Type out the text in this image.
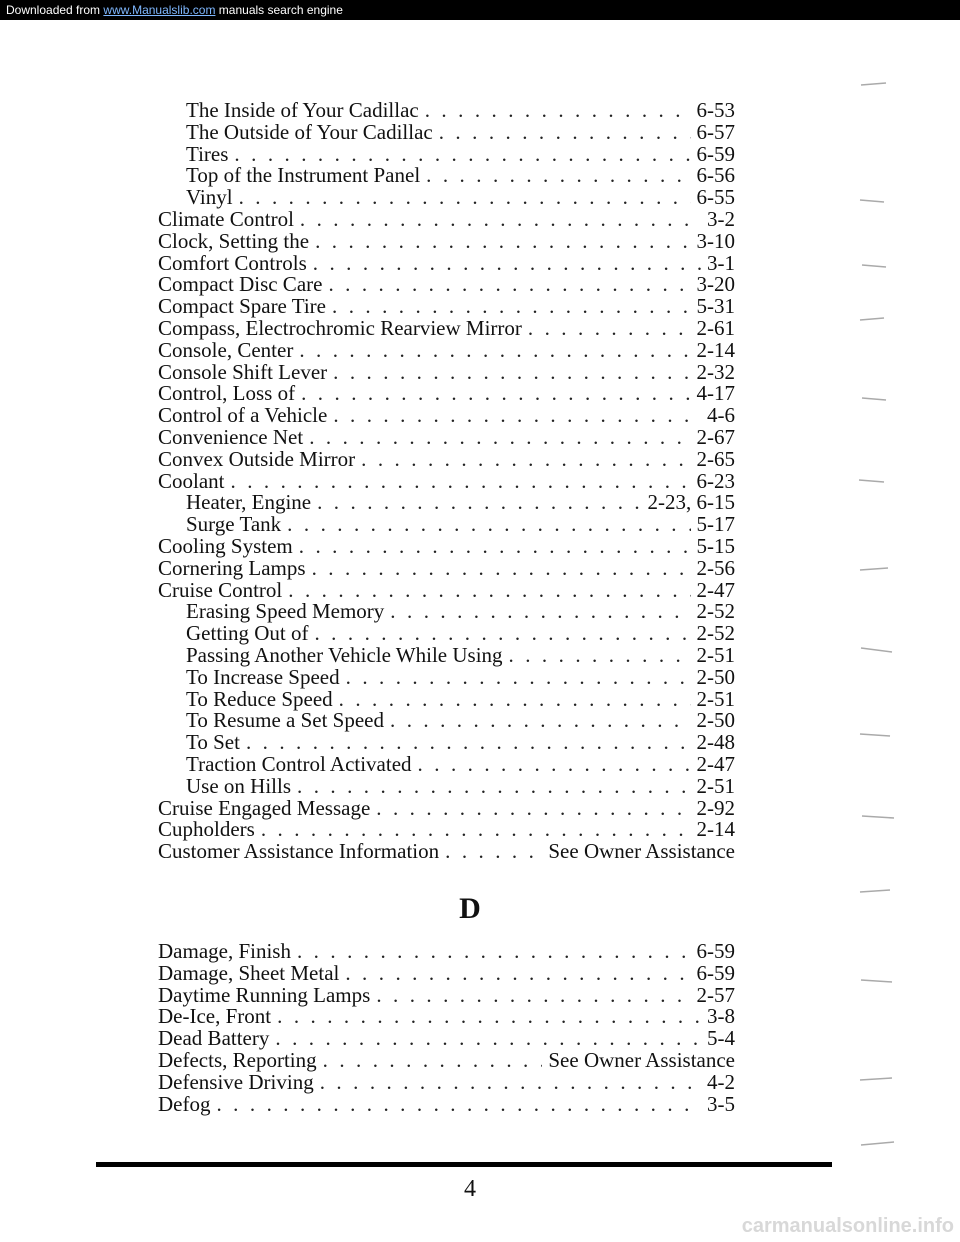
Downloaded from www.Manualslib.com manuals search engine
The Inside of Your Cadillac . . .	6-53
The Outside of Your Cadillac . . .	6-57
Tires . . .	6-59
Top of the Instrument Panel . . .	6-56
Vinyl . . .	6-55
Climate Control . . .	3-2
Clock, Setting the . . .	3-10
Comfort Controls . . .	3-1
Compact Disc Care . . .	3-20
Compact Spare Tire . . .	5-31
Compass, Electrochromic Rearview Mirror . . .	2-61
Console, Center . . .	2-14
Console Shift Lever . . .	2-32
Control, Loss of . . .	4-17
Control of a Vehicle . . .	4-6
Convenience Net . . .	2-67
Convex Outside Mirror . . .	2-65
Coolant . . .	6-23
Heater, Engine . . .	2-23, 6-15
Surge Tank . . .	5-17
Cooling System . . .	5-15
Cornering Lamps . . .	2-56
Cruise Control . . .	2-47
Erasing Speed Memory . . .	2-52
Getting Out of . . .	2-52
Passing Another Vehicle While Using . . .	2-51
To Increase Speed . . .	2-50
To Reduce Speed . . .	2-51
To Resume a Set Speed . . .	2-50
To Set . . .	2-48
Traction Control Activated . . .	2-47
Use on Hills . . .	2-51
Cruise Engaged Message . . .	2-92
Cupholders . . .	2-14
Customer Assistance Information . . .	See Owner Assistance
D
Damage, Finish . . .	6-59
Damage, Sheet Metal . . .	6-59
Daytime Running Lamps . . .	2-57
De-Ice, Front . . .	3-8
Dead Battery . . .	5-4
Defects, Reporting . . .	See Owner Assistance
Defensive Driving . . .	4-2
Defog . . .	3-5
4
carmanualsonline.info
